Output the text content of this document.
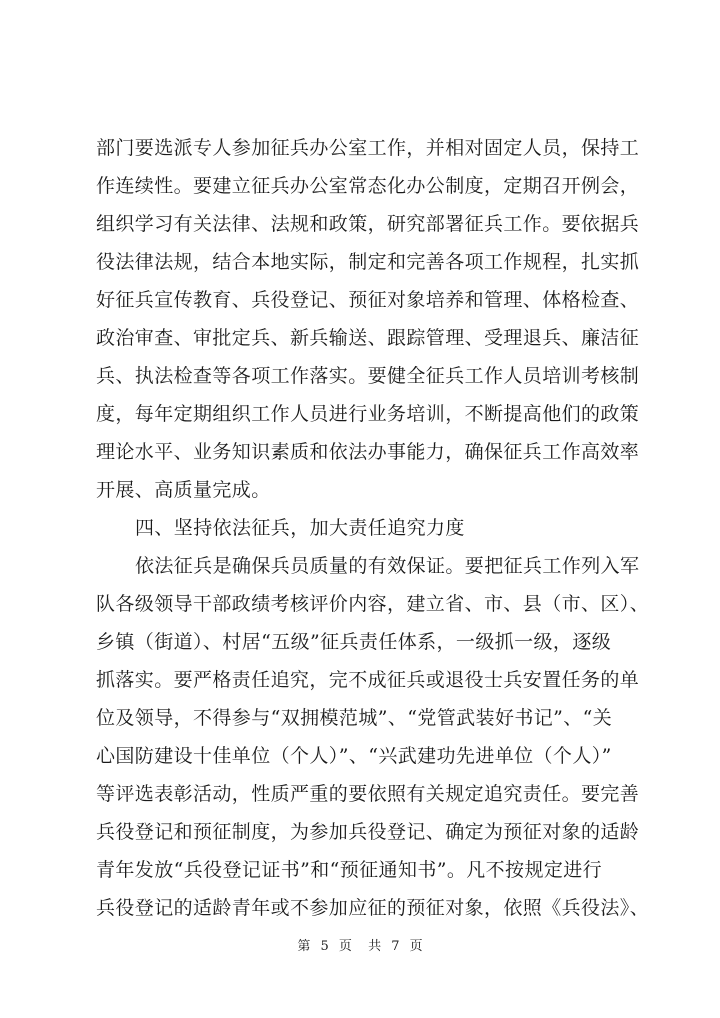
部门要选派专人参加征兵办公室工作，并相对固定人员，保持工
作连续性。要建立征兵办公室常态化办公制度，定期召开例会，
组织学习有关法律、法规和政策，研究部署征兵工作。要依据兵
役法律法规，结合本地实际，制定和完善各项工作规程，扎实抓
好征兵宣传教育、兵役登记、预征对象培养和管理、体格检查、
政治审查、审批定兵、新兵输送、跟踪管理、受理退兵、廉洁征
兵、执法检查等各项工作落实。要健全征兵工作人员培训考核制
度，每年定期组织工作人员进行业务培训，不断提高他们的政策
理论水平、业务知识素质和依法办事能力，确保征兵工作高效率
开展、高质量完成。
四、坚持依法征兵，加大责任追究力度
依法征兵是确保兵员质量的有效保证。要把征兵工作列入军
队各级领导干部政绩考核评价内容，建立省、市、县（市、区）、
乡镇（街道）、村居“五级”征兵责任体系，一级抓一级，逐级
抓落实。要严格责任追究，完不成征兵或退役士兵安置任务的单
位及领导，不得参与“双拥模范城”、“党管武装好书记”、“关
心国防建设十佳单位（个人）”、“兴武建功先进单位（个人）”
等评选表彰活动，性质严重的要依照有关规定追究责任。要完善
兵役登记和预征制度，为参加兵役登记、确定为预征对象的适龄
青年发放“兵役登记证书”和“预征通知书”。凡不按规定进行
兵役登记的适龄青年或不参加应征的预征对象，依照《兵役法》、
第 5 页 共 7 页
